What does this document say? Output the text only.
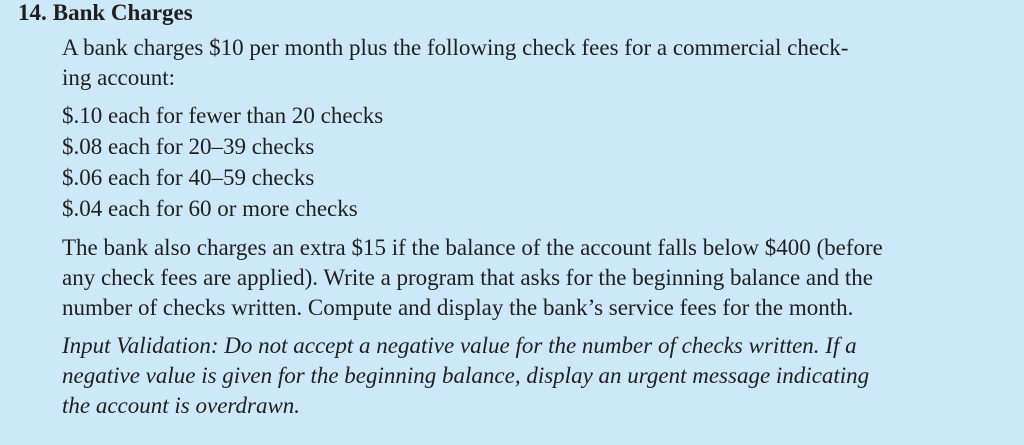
14. Bank Charges

A bank charges $10 per month plus the following check fees for a commercial check-
ing account:

$.10 each for fewer than 20 checks
$.08 each for 20–39 checks
$.06 each for 40–59 checks
$.04 each for 60 or more checks

The bank also charges an extra $15 if the balance of the account falls below $400 (before
any check fees are applied). Write a program that asks for the beginning balance and the
number of checks written. Compute and display the bank’s service fees for the month.

Input Validation: Do not accept a negative value for the number of checks written. If a
negative value is given for the beginning balance, display an urgent message indicating
the account is overdrawn.
